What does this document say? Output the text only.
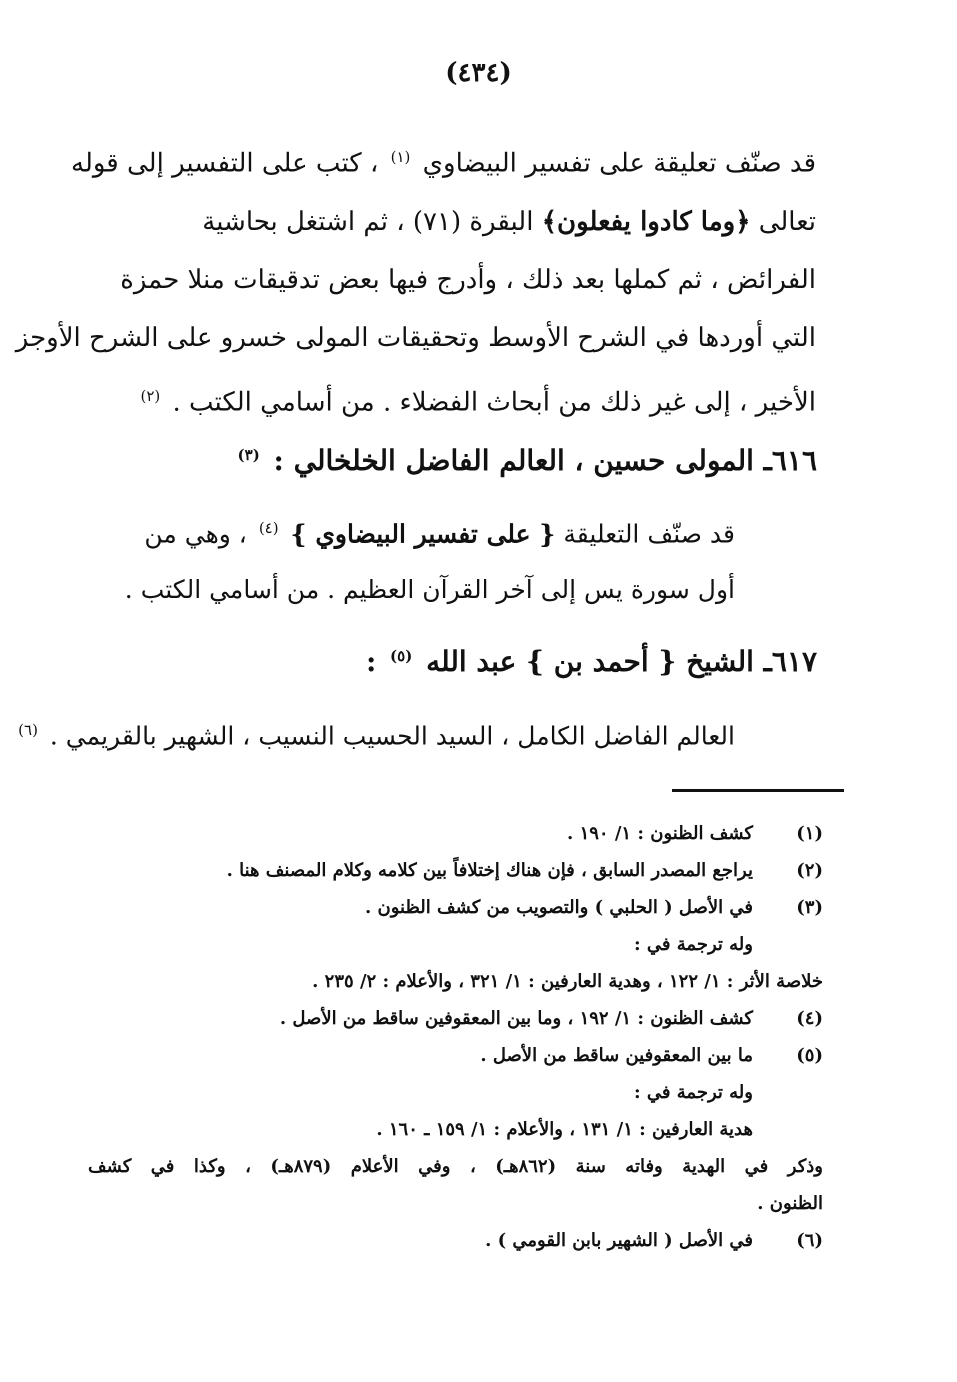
(٤٣٤)
قد صنّف تعليقة على تفسير البيضاوي $^{(١)}$ ، كتب على التفسير إلى قوله
تعالى ﴿وما كادوا يفعلون﴾ البقرة (٧١) ، ثم اشتغل بحاشية
الفرائض ، ثم كملها بعد ذلك ، وأدرج فيها بعض تدقيقات منلا حمزة
التي أوردها في الشرح الأوسط وتحقيقات المولى خسرو على الشرح الأوجز
الأخير ، إلى غير ذلك من أبحاث الفضلاء . من أسامي الكتب . $^{(٢)}$
٦١٦ـ المولى حسين ، العالم الفاضل الخلخالي : $^{(٣)}$
قد صنّف التعليقة { على تفسير البيضاوي } $^{(٤)}$ ، وهي من
أول سورة يس إلى آخر القرآن العظيم . من أسامي الكتب .
٦١٧ـ الشيخ { أحمد بن } عبد الله $^{(٥)}$ :
العالم الفاضل الكامل ، السيد الحسيب النسيب ، الشهير بالقريمي . $^{(٦)}$
(١)
كشف الظنون : ١/ ١٩٠ .
(٢)
يراجع المصدر السابق ، فإن هناك إختلافاً بين كلامه وكلام المصنف هنا .
(٣)
في الأصل ( الحلبي ) والتصويب من كشف الظنون .
وله ترجمة في :
خلاصة الأثر : ١/ ١٢٢ ، وهدية العارفين : ١/ ٣٢١ ، والأعلام : ٢/ ٢٣٥ .
(٤)
كشف الظنون : ١/ ١٩٢ ، وما بين المعقوفين ساقط من الأصل .
(٥)
ما بين المعقوفين ساقط من الأصل .
وله ترجمة في :
هدية العارفين : ١/ ١٣١ ، والأعلام : ١/ ١٥٩ ـ ١٦٠ .
وذكر في الهدية وفاته سنة (٨٦٢هـ) ، وفي الأعلام (٨٧٩هـ) ، وكذا في كشف
الظنون .
(٦)
في الأصل ( الشهير بابن القومي ) .
